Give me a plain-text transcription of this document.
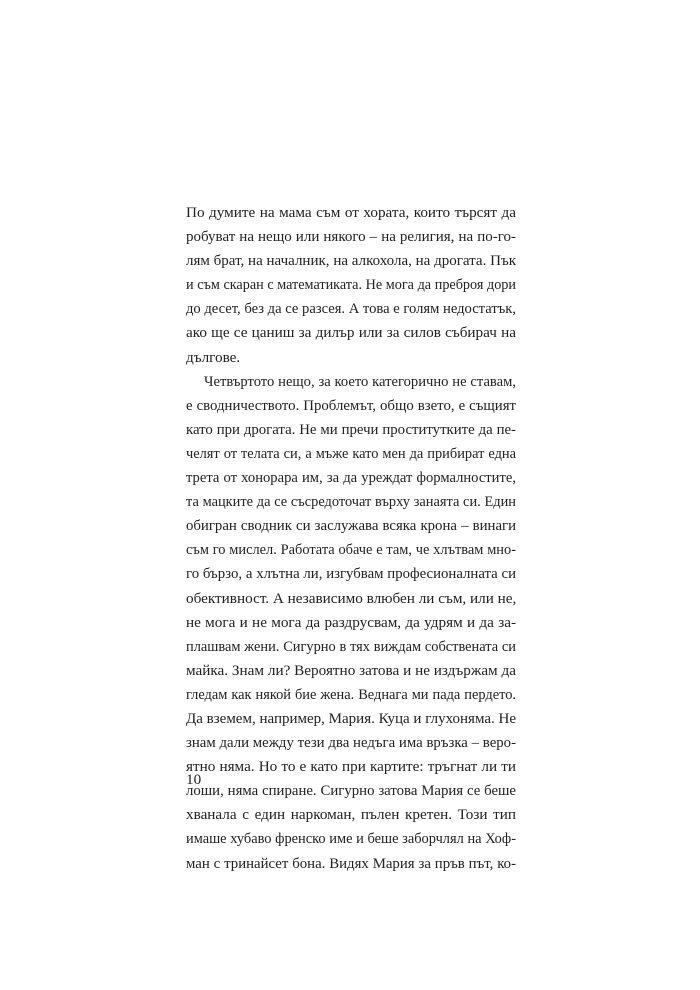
По думите на мама съм от хората, които търсят да
робуват на нещо или някого – на религия, на по-го-
лям брат, на началник, на алкохола, на дрогата. Пък
и съм скаран с математиката. Не мога да преброя дори
до десет, без да се разсея. А това е голям недостатък,
ако ще се цаниш за дилър или за силов събирач на
дългове.
Четвъртото нещо, за което категорично не ставам,
е сводничеството. Проблемът, общо взето, е същият
като при дрогата. Не ми пречи проститутките да пе-
челят от телата си, а мъже като мен да прибират една
трета от хонорара им, за да уреждат формалностите,
та мацките да се съсредоточат върху занаята си. Един
обигран сводник си заслужава всяка крона – винаги
съм го мислел. Работата обаче е там, че хлътвам мно-
го бързо, а хлътна ли, изгубвам професионалната си
обективност. А независимо влюбен ли съм, или не,
не мога и не мога да раздрусвам, да удрям и да за-
плашвам жени. Сигурно в тях виждам собствената си
майка. Знам ли? Вероятно затова и не издържам да
гледам как някой бие жена. Веднага ми пада пердето.
Да вземем, например, Мария. Куца и глухоняма. Не
знам дали между тези два недъга има връзка – веро-
ятно няма. Но то е като при картите: тръгнат ли ти
лоши, няма спиране. Сигурно затова Мария се беше
хванала с един наркоман, пълен кретен. Този тип
имаше хубаво френско име и беше заборчлял на Хоф-
ман с тринайсет бона. Видях Мария за пръв път, ко-
10
